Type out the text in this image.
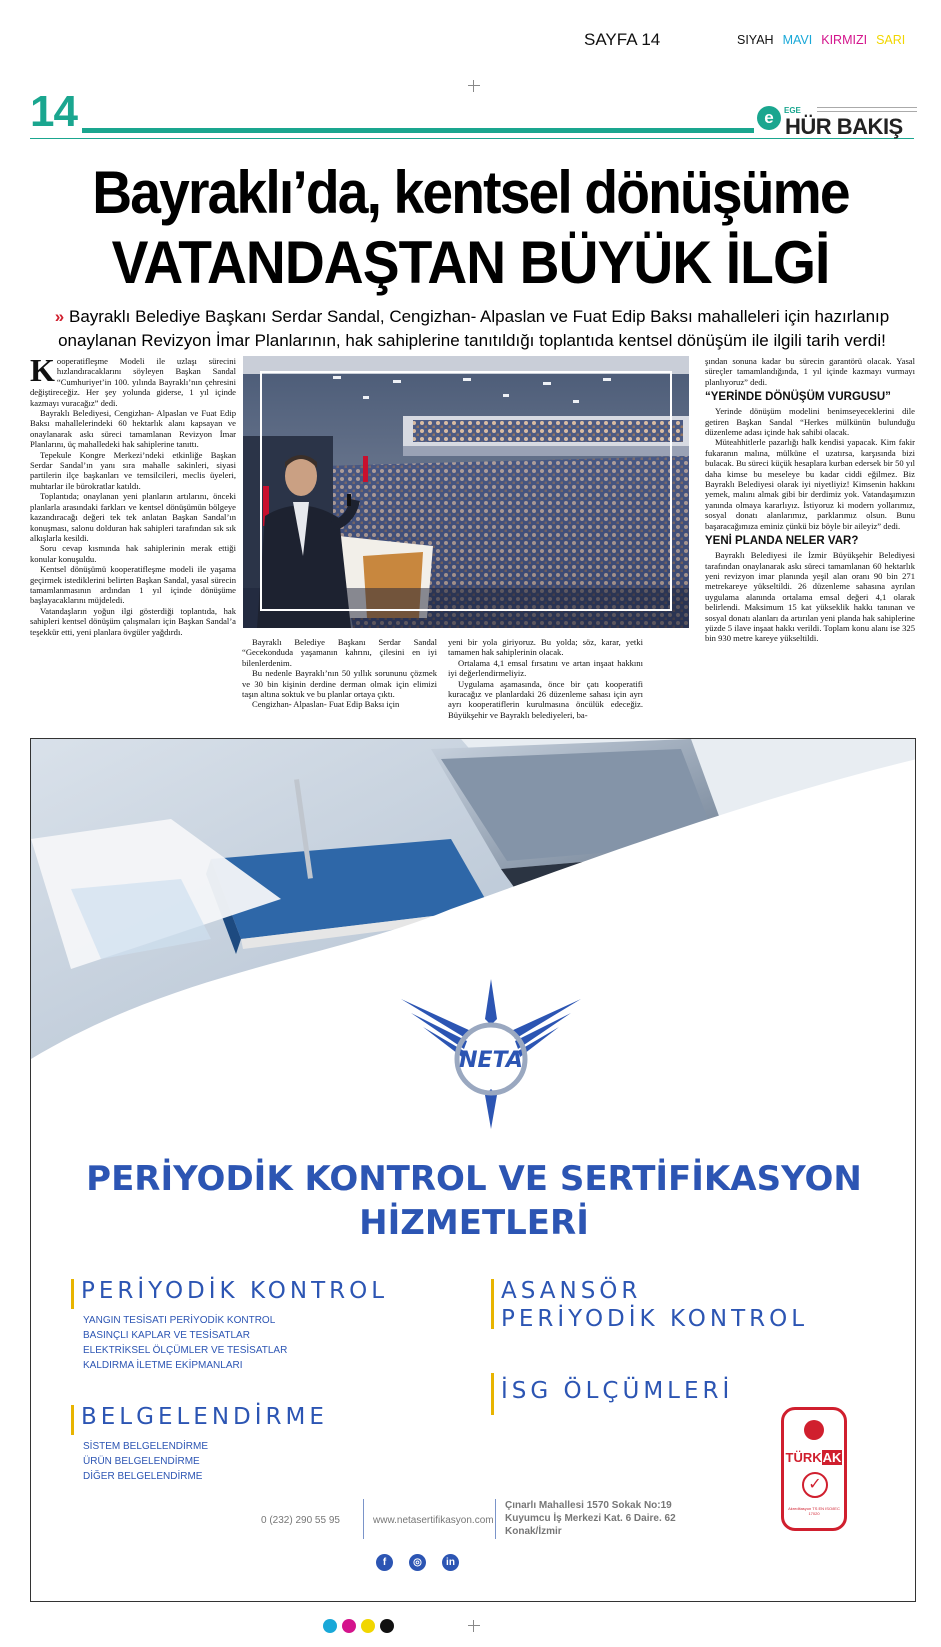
SAYFA 14	SIYAH MAVI KIRMIZI SARI
14	e	EGE
HÜR BAKIŞ
Bayraklı’da, kentsel dönüşüme
VATANDAŞTAN BÜYÜK İLGİ
» Bayraklı Belediye Başkanı Serdar Sandal, Cengizhan- Alpaslan ve Fuat Edip Baksı mahalleleri için hazırlanıp onaylanan Revizyon İmar Planlarının, hak sahiplerine tanıtıldığı toplantıda kentsel dönüşüm ile ilgili tarih verdi!

Kooperatifleşme Modeli ile uzlaşı sürecini hızlandıracaklarını söyleyen Başkan Sandal “Cumhuriyet’in 100. yılında Bayraklı’nın çehresini değiştireceğiz. Her şey yolunda giderse, 1 yıl içinde kazmayı vuracağız” dedi.

Bayraklı Belediyesi, Cengizhan- Alpaslan ve Fuat Edip Baksı mahallelerindeki 60 hektarlık alanı kapsayan ve onaylanarak askı süreci tamamlanan Revizyon İmar Planlarını, üç mahalledeki hak sahiplerine tanıttı.

Tepekule Kongre Merkezi’ndeki etkinliğe Başkan Serdar Sandal’ın yanı sıra mahalle sakinleri, siyasi partilerin ilçe başkanları ve temsilcileri, meclis üyeleri, muhtarlar ile bürokratlar katıldı.

Toplantıda; onaylanan yeni planların artılarını, önceki planlarla arasındaki farkları ve kentsel dönüşümün bölgeye kazandıracağı değeri tek tek anlatan Başkan Sandal’ın konuşması, salonu dolduran hak sahipleri tarafından sık sık alkışlarla kesildi.

Soru cevap kısmında hak sahiplerinin merak ettiği konular konuşuldu.

Kentsel dönüşümü kooperatifleşme modeli ile yaşama geçirmek istediklerini belirten Başkan Sandal, yasal sürecin tamamlanmasının ardından 1 yıl içinde dönüşüme başlayacaklarını müjdeledi.

Vatandaşların yoğun ilgi gösterdiği toplantıda, hak sahipleri kentsel dönüşüm çalışmaları için Başkan Sandal’a teşekkür etti, yeni planlara övgüler yağdırdı.

Bayraklı Belediye Başkanı Serdar Sandal “Gecekonduda yaşamanın kahrını, çilesini en iyi bilenlerdenim.

Bu nedenle Bayraklı’nın 50 yıllık sorununu çözmek ve 30 bin kişinin derdine derman olmak için elimizi taşın altına soktuk ve bu planlar ortaya çıktı.

Cengizhan- Alpaslan- Fuat Edip Baksı için

yeni bir yola giriyoruz. Bu yolda; söz, karar, yetki tamamen hak sahiplerinin olacak.

Ortalama 4,1 emsal fırsatını ve artan inşaat hakkını iyi değerlendirmeliyiz.

Uygulama aşamasında, önce bir çatı kooperatifi kuracağız ve planlardaki 26 düzenleme sahası için ayrı ayrı kooperatiflerin kurulmasına öncülük edeceğiz. Büyükşehir ve Bayraklı belediyeleri, ba-

şından sonuna kadar bu sürecin garantörü olacak. Yasal süreçler tamamlandığında, 1 yıl içinde kazmayı vurmayı planlıyoruz” dedi.

“YERİNDE DÖNÜŞÜM VURGUSU”

Yerinde dönüşüm modelini benimseyeceklerini dile getiren Başkan Sandal “Herkes mülkünün bulunduğu düzenleme adası içinde hak sahibi olacak.

Müteahhitlerle pazarlığı halk kendisi yapacak. Kim fakir fukaranın malına, mülküne el uzatırsa, karşısında bizi bulacak. Bu süreci küçük hesaplara kurban edersek bir 50 yıl daha kimse bu meseleye bu kadar ciddi eğilmez. Biz Bayraklı Belediyesi olarak iyi niyetliyiz! Kimsenin hakkını yemek, malını almak gibi bir derdimiz yok. Vatandaşımızın yanında olmaya kararlıyız. İstiyoruz ki modern yollarımız, sosyal donatı alanlarımız, parklarımız olsun. Bunu başaracağımıza eminiz çünkü biz böyle bir aileyiz” dedi.

YENİ PLANDA NELER VAR?

Bayraklı Belediyesi ile İzmir Büyükşehir Belediyesi tarafından onaylanarak askı süreci tamamlanan 60 hektarlık yeni revizyon imar planında yeşil alan oranı 90 bin 271 metrekareye yükseltildi. 26 düzenleme sahasına ayrılan uygulama alanında ortalama emsal değeri 4,1 olarak belirlendi. Maksimum 15 kat yükseklik hakkı tanınan ve sosyal donatı alanları da artırılan yeni planda hak sahiplerine yüzde 5 ilave inşaat hakkı verildi. Toplam konu alanı ise 325 bin 930 metre kareye yükseltildi.

NETA
PERİYODİK KONTROL VE SERTİFİKASYON
HİZMETLERİ
PERİYODİK KONTROL
YANGIN TESİSATI PERİYODİK KONTROL
BASINÇLI KAPLAR VE TESİSATLAR
ELEKTRİKSEL ÖLÇÜMLER VE TESİSATLAR
KALDIRMA İLETME EKİPMANLARI
BELGELENDİRME
SİSTEM BELGELENDİRME
ÜRÜN BELGELENDİRME
DİĞER BELGELENDİRME
ASANSÖR
PERİYODİK KONTROL
İSG ÖLÇÜMLERİ
0 (232) 290 55 95	www.netasertifikasyon.com
Çınarlı Mahallesi 1570 Sokak No:19
Kuyumcu İş Merkezi Kat. 6 Daire. 62
Konak/İzmir
f	◎ in
TÜRKAK
✓
Akreditasyon TS EN ISO/IEC 17020
